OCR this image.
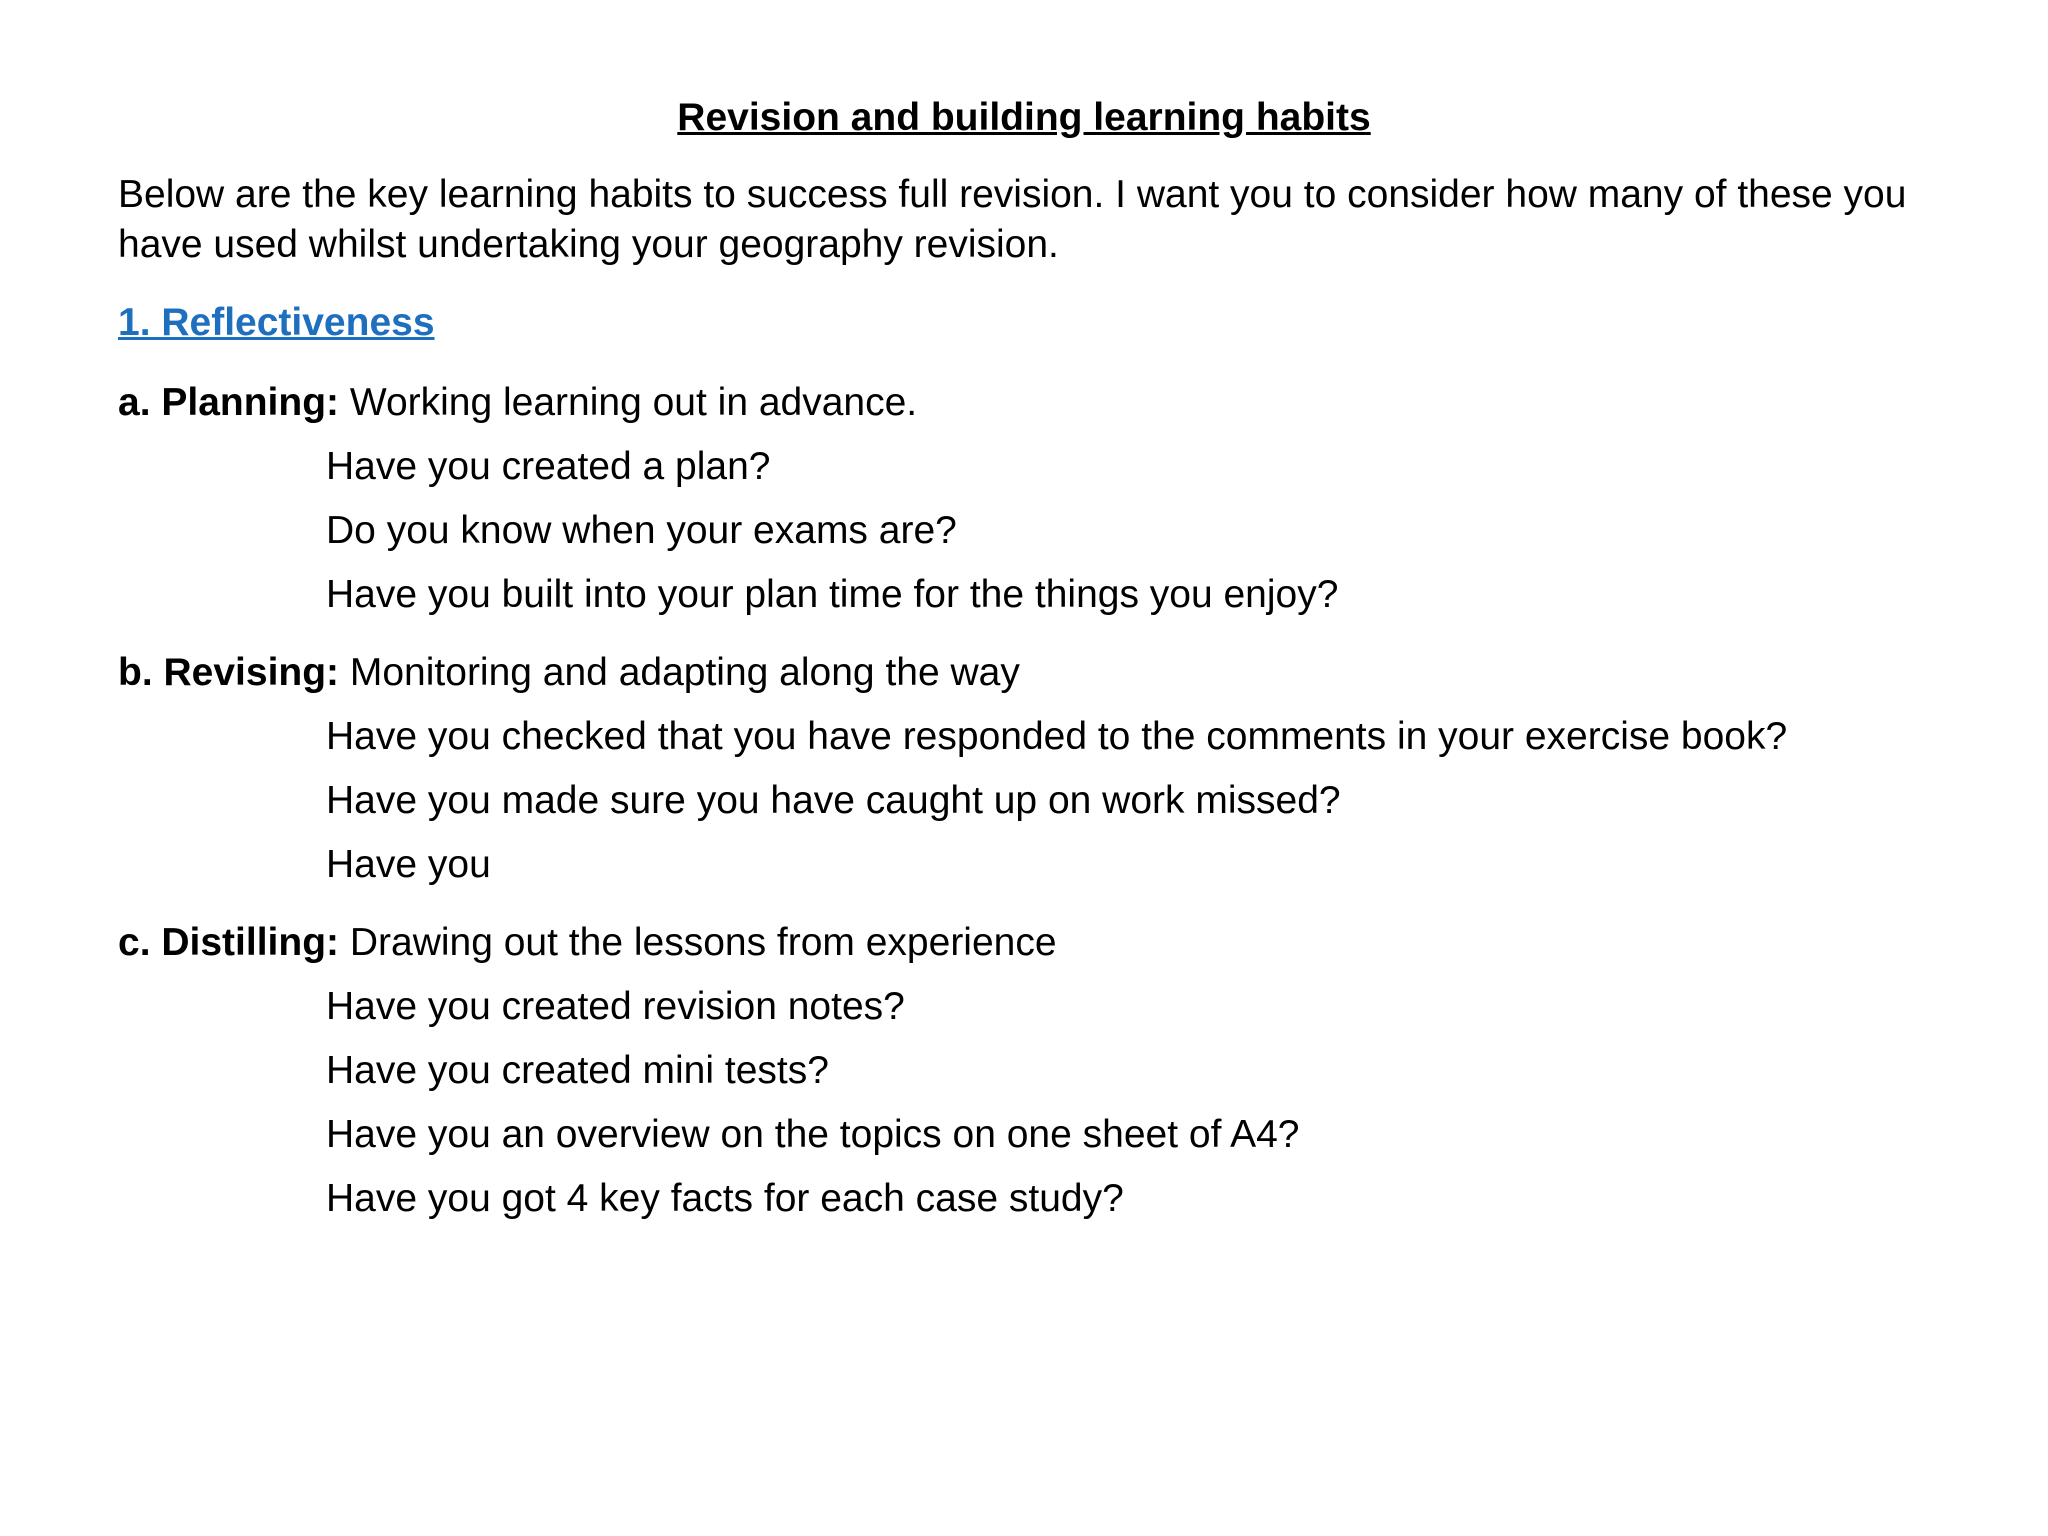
Revision and building learning habits
Below are the key learning habits to success full revision. I want you to consider how many of these you have used whilst undertaking your geography revision.
1. Reflectiveness
a. Planning: Working learning out in advance.
Have you created a plan?
Do you know when your exams are?
Have you built into your plan time for the things you enjoy?
b. Revising: Monitoring and adapting along the way
Have you checked that you have responded to the comments in your exercise book?
Have you made sure you have caught up on work missed?
Have you
c. Distilling: Drawing out the lessons from experience
Have you created revision notes?
Have you created mini tests?
Have you an overview on the topics on one sheet of A4?
Have you got 4 key facts for each case study?
